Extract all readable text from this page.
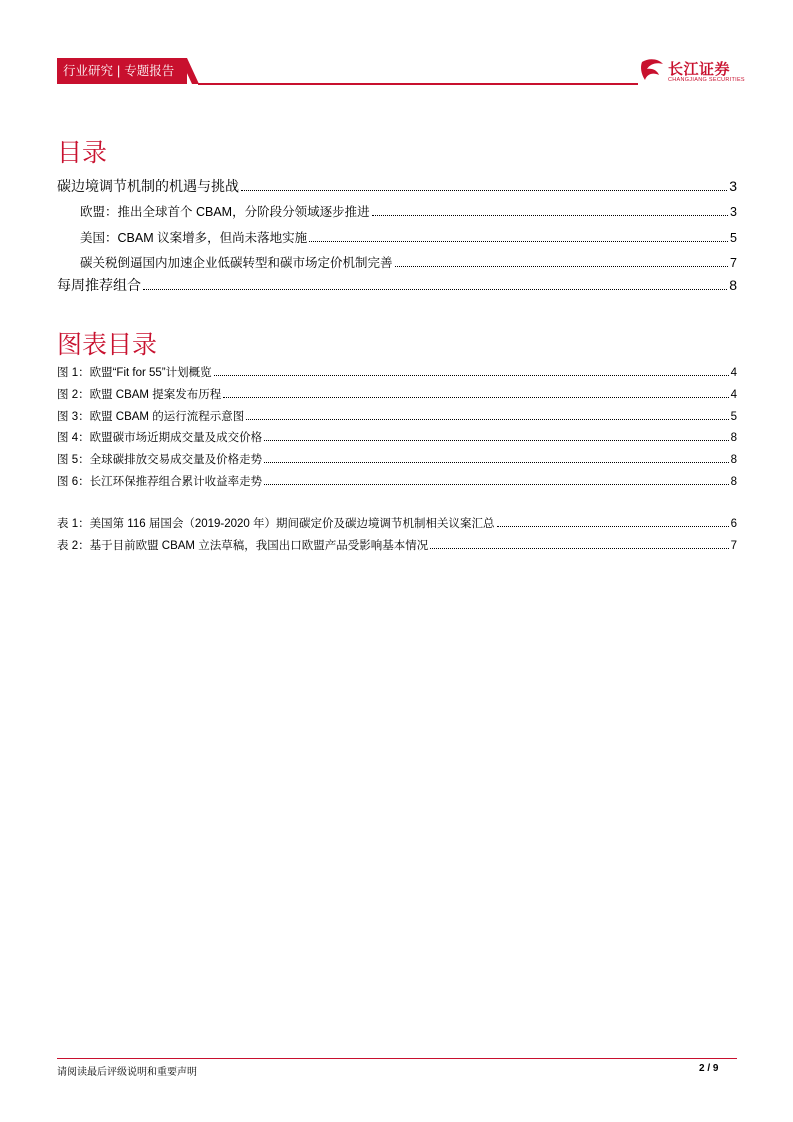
行业研究 | 专题报告	长江证券
CHANGJIANG SECURITIES
目录
碳边境调节机制的机遇与挑战	3
欧盟：推出全球首个 CBAM，分阶段分领域逐步推进	3
美国：CBAM 议案增多，但尚未落地实施	5
碳关税倒逼国内加速企业低碳转型和碳市场定价机制完善	7
每周推荐组合	8
图表目录
图 1：欧盟“Fit for 55”计划概览	4
图 2：欧盟 CBAM 提案发布历程	4
图 3：欧盟 CBAM 的运行流程示意图	5
图 4：欧盟碳市场近期成交量及成交价格	8
图 5：全球碳排放交易成交量及价格走势	8
图 6：长江环保推荐组合累计收益率走势	8
表 1：美国第 116 届国会（2019-2020 年）期间碳定价及碳边境调节机制相关议案汇总	6
表 2：基于目前欧盟 CBAM 立法草稿，我国出口欧盟产品受影响基本情况	7
请阅读最后评级说明和重要声明	2 / 9
